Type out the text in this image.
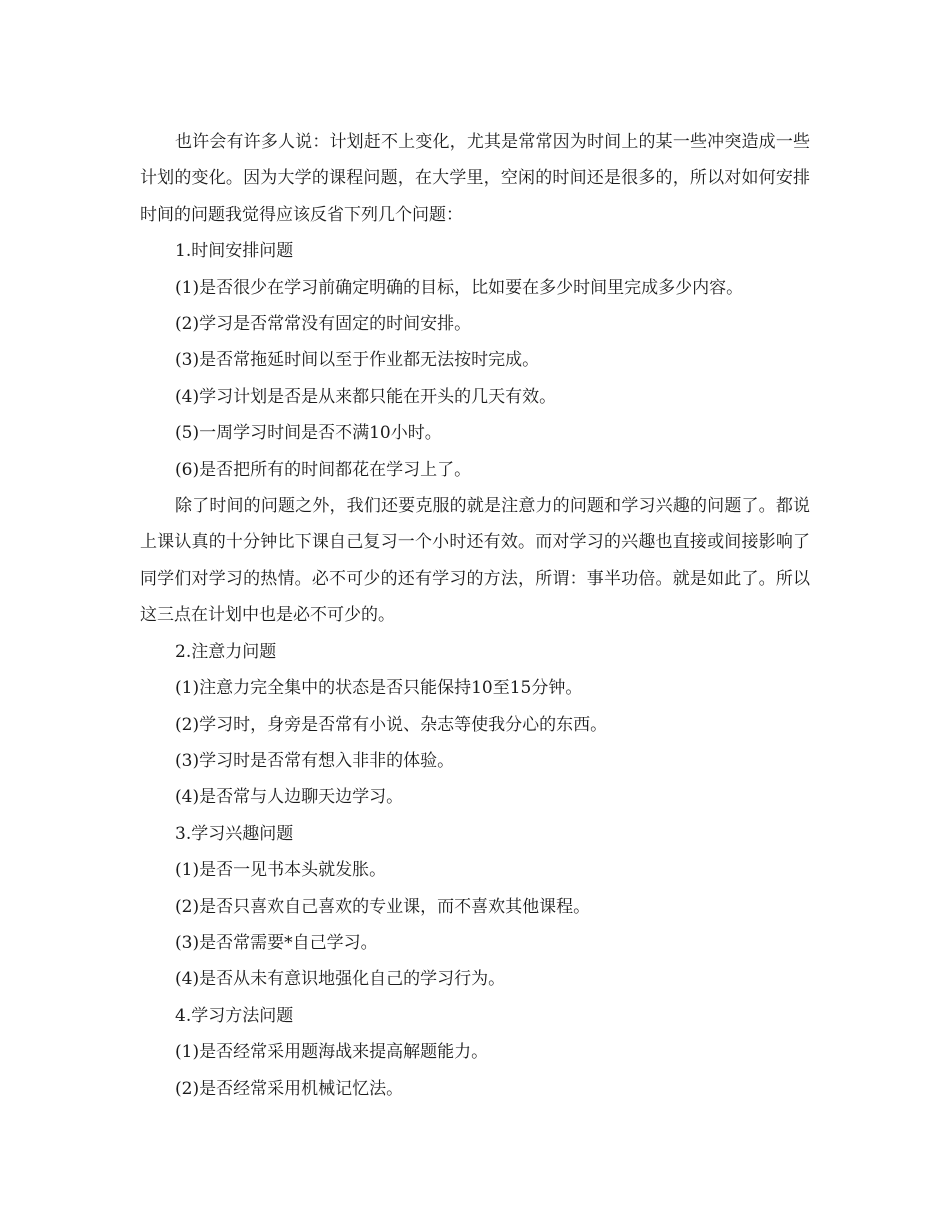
也许会有许多人说：计划赶不上变化，尤其是常常因为时间上的某一些冲突造成一些计划的变化。因为大学的课程问题，在大学里，空闲的时间还是很多的，所以对如何安排时间的问题我觉得应该反省下列几个问题：

1.时间安排问题

(1)是否很少在学习前确定明确的目标，比如要在多少时间里完成多少内容。

(2)学习是否常常没有固定的时间安排。

(3)是否常拖延时间以至于作业都无法按时完成。

(4)学习计划是否是从来都只能在开头的几天有效。

(5)一周学习时间是否不满10小时。

(6)是否把所有的时间都花在学习上了。

除了时间的问题之外，我们还要克服的就是注意力的问题和学习兴趣的问题了。都说上课认真的十分钟比下课自己复习一个小时还有效。而对学习的兴趣也直接或间接影响了同学们对学习的热情。必不可少的还有学习的方法，所谓：事半功倍。就是如此了。所以这三点在计划中也是必不可少的。

2.注意力问题

(1)注意力完全集中的状态是否只能保持10至15分钟。

(2)学习时，身旁是否常有小说、杂志等使我分心的东西。

(3)学习时是否常有想入非非的体验。

(4)是否常与人边聊天边学习。

3.学习兴趣问题

(1)是否一见书本头就发胀。

(2)是否只喜欢自己喜欢的专业课，而不喜欢其他课程。

(3)是否常需要*自己学习。

(4)是否从未有意识地强化自己的学习行为。

4.学习方法问题

(1)是否经常采用题海战来提高解题能力。

(2)是否经常采用机械记忆法。
